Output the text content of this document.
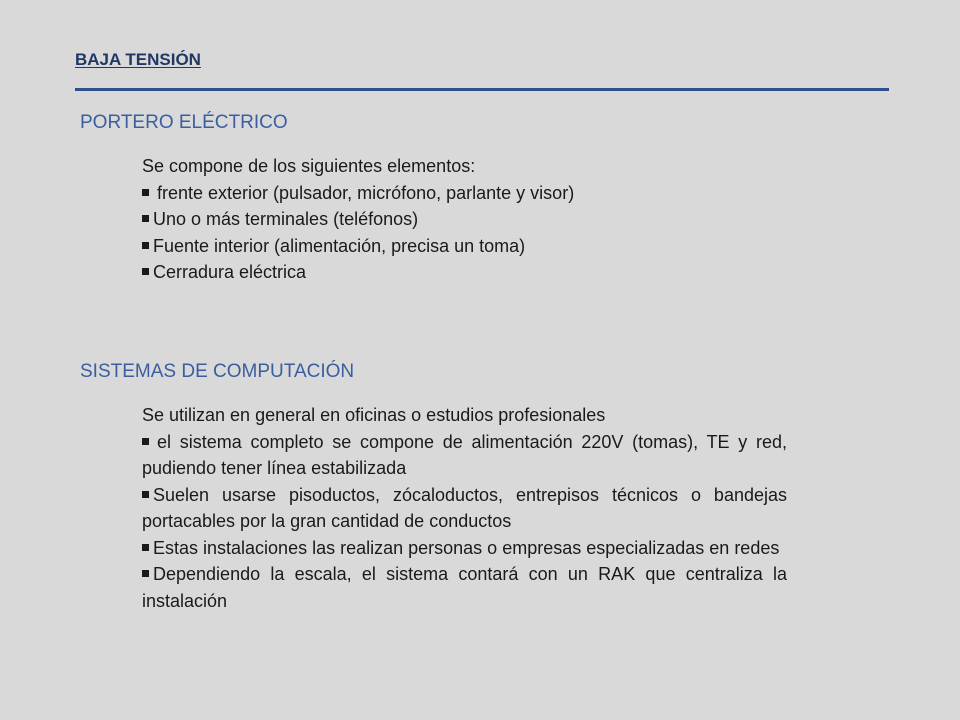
BAJA TENSIÓN
PORTERO ELÉCTRICO

Se compone de los siguientes elementos:

frente exterior (pulsador, micrófono, parlante y visor)
Uno o más terminales (teléfonos)
Fuente interior (alimentación, precisa un toma)
Cerradura eléctrica
SISTEMAS DE COMPUTACIÓN

Se utilizan en general en oficinas o estudios profesionales

el sistema completo se compone de alimentación 220V (tomas), TE y red, pudiendo tener línea estabilizada
Suelen usarse pisoductos, zócaloductos, entrepisos técnicos o bandejas portacables por la gran cantidad de conductos
Estas instalaciones las realizan personas o empresas especializadas en redes
Dependiendo la escala, el sistema contará con un RAK que centraliza la instalación
